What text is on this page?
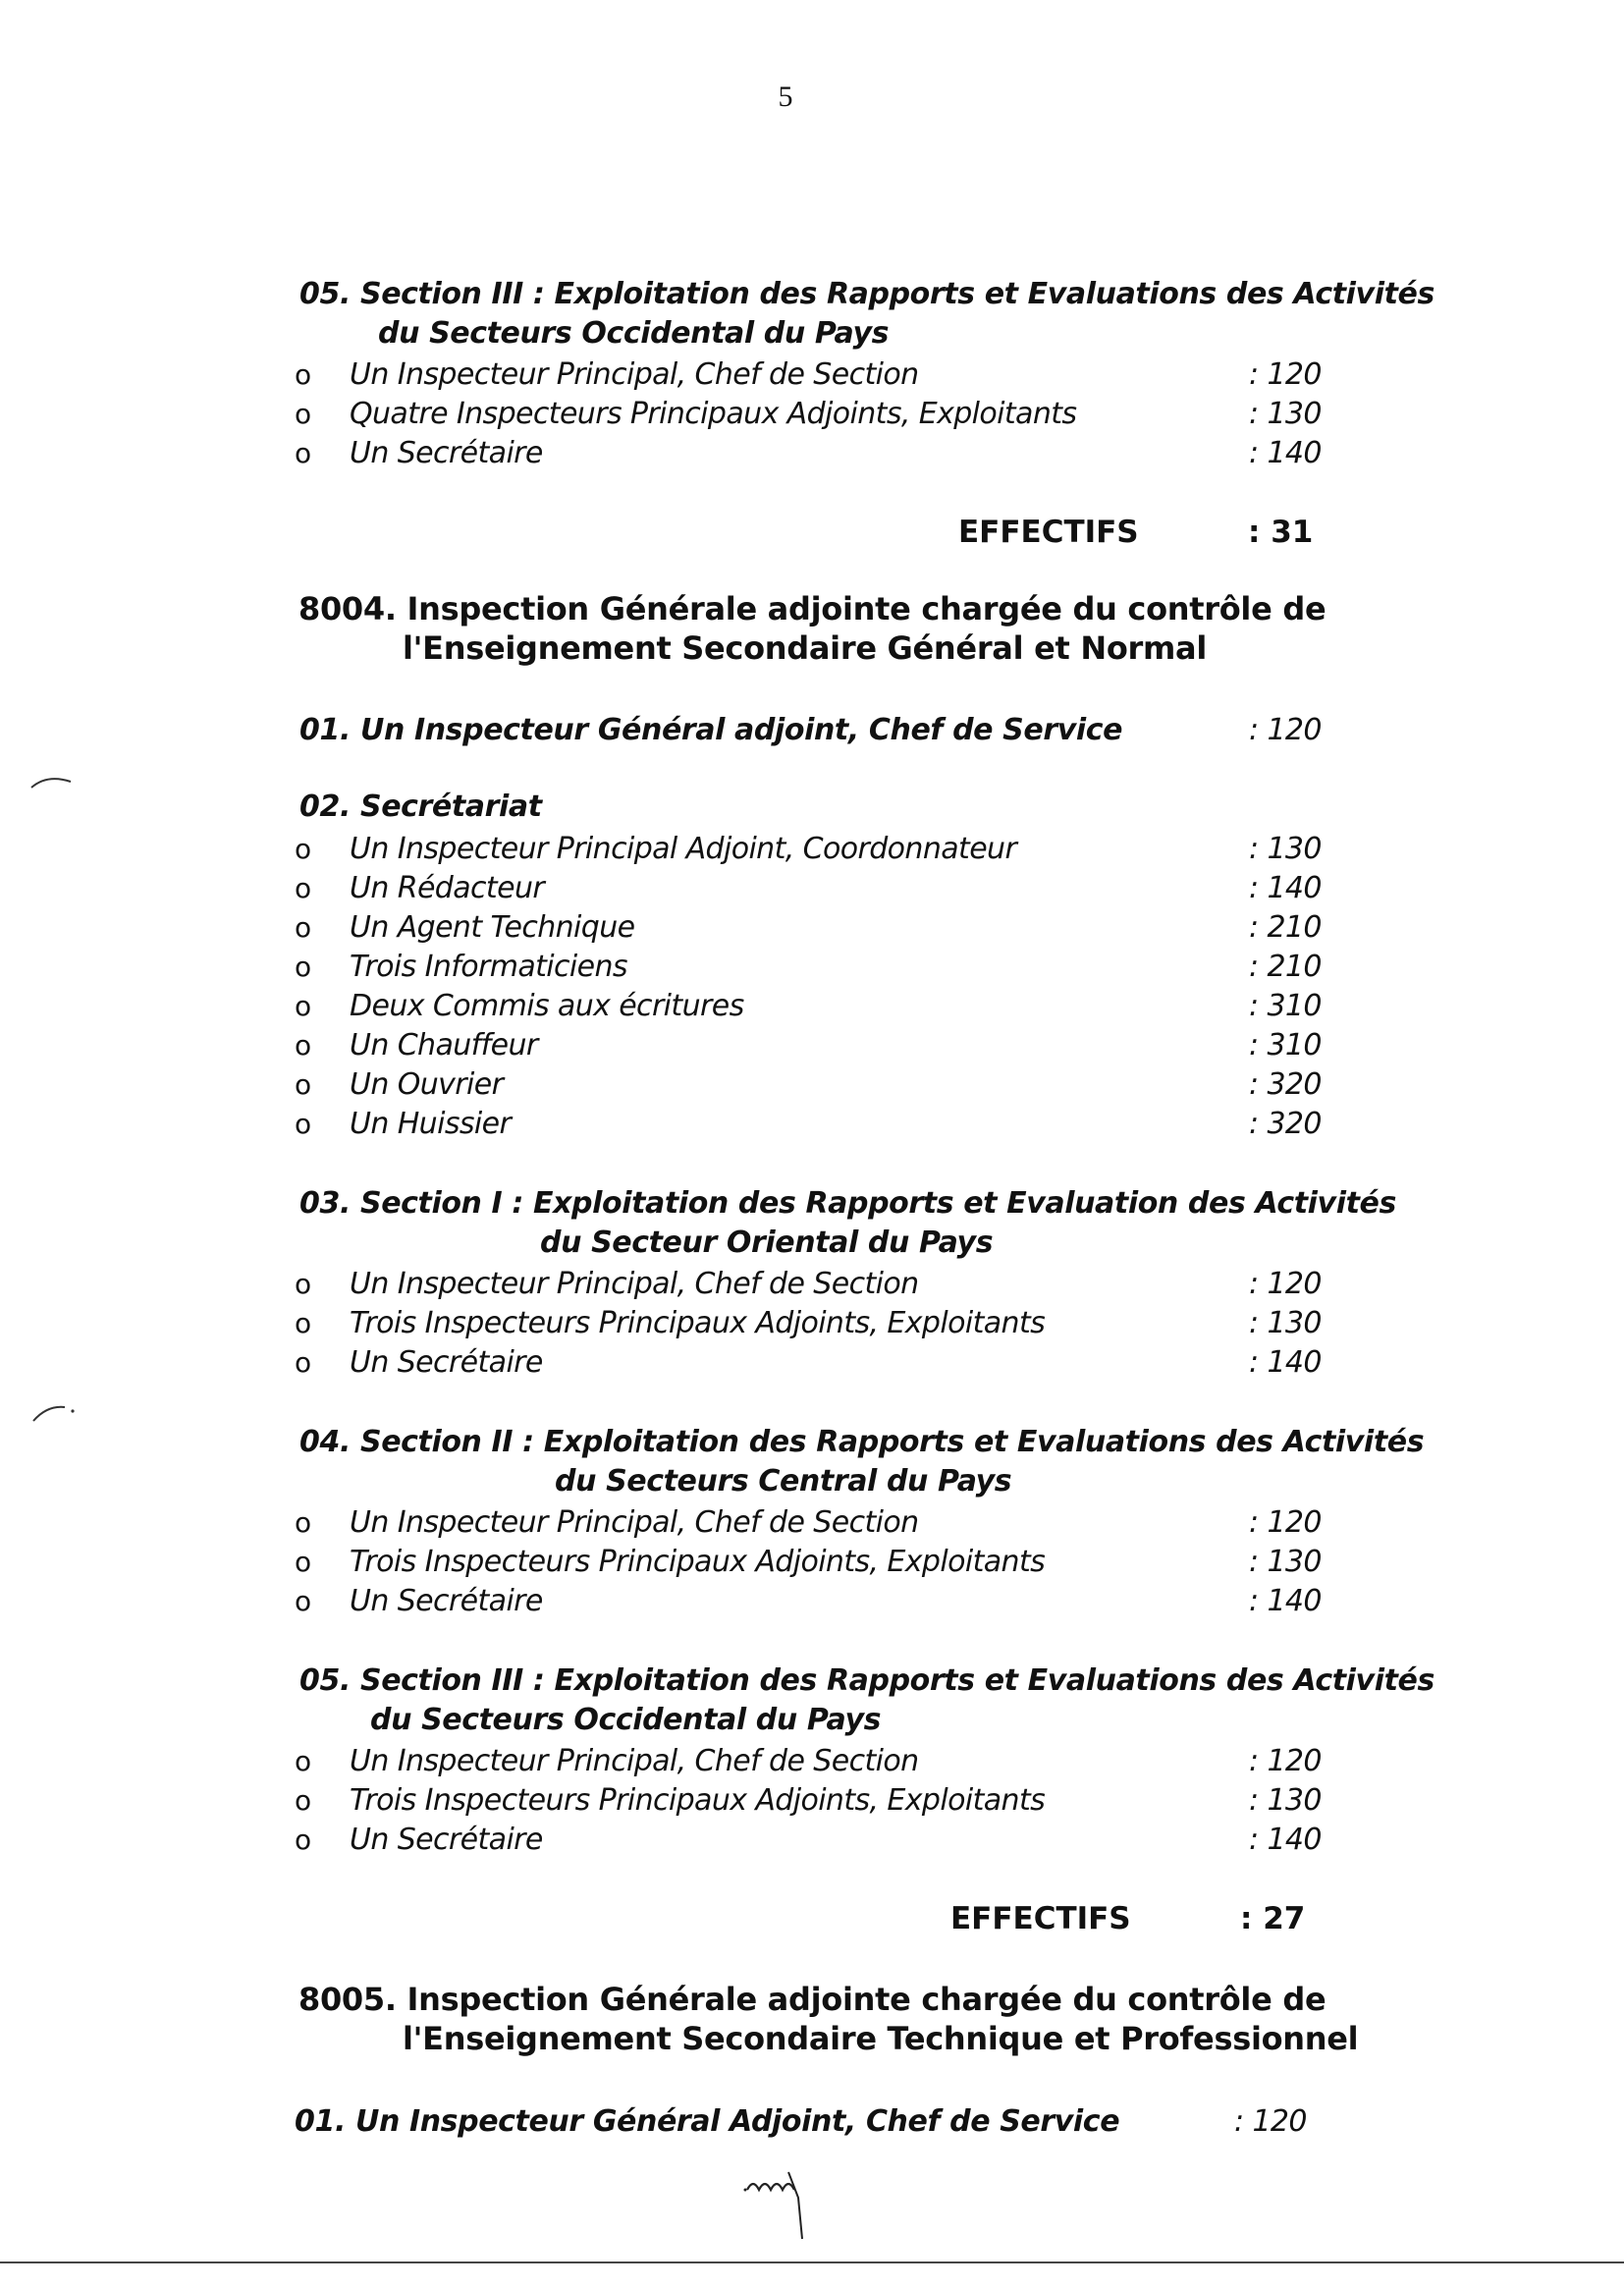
5
05. Section III : Exploitation des Rapports et Evaluations des Activités
du Secteurs Occidental du Pays
o Un Inspecteur Principal, Chef de Section	: 120
o Quatre Inspecteurs Principaux Adjoints, Exploitants	: 130
o Un Secrétaire	: 140
EFFECTIFS	: 31
8004. Inspection Générale adjointe chargée du contrôle de
l'Enseignement Secondaire Général et Normal
01. Un Inspecteur Général adjoint, Chef de Service	: 120
02. Secrétariat
o Un Inspecteur Principal Adjoint, Coordonnateur	: 130
o Un Rédacteur	: 140
o Un Agent Technique	: 210
o Trois Informaticiens	: 210
o Deux Commis aux écritures	: 310
o Un Chauffeur	: 310
o Un Ouvrier	: 320
o Un Huissier	: 320
03. Section I : Exploitation des Rapports et Evaluation des Activités
du Secteur Oriental du Pays
o Un Inspecteur Principal, Chef de Section	: 120
o Trois Inspecteurs Principaux Adjoints, Exploitants	: 130
o Un Secrétaire	: 140
04. Section II : Exploitation des Rapports et Evaluations des Activités
du Secteurs Central du Pays
o Un Inspecteur Principal, Chef de Section	: 120
o Trois Inspecteurs Principaux Adjoints, Exploitants	: 130
o Un Secrétaire	: 140
05. Section III : Exploitation des Rapports et Evaluations des Activités
du Secteurs Occidental du Pays
o Un Inspecteur Principal, Chef de Section	: 120
o Trois Inspecteurs Principaux Adjoints, Exploitants	: 130
o Un Secrétaire	: 140
EFFECTIFS	: 27
8005. Inspection Générale adjointe chargée du contrôle de
l'Enseignement Secondaire Technique et Professionnel
01. Un Inspecteur Général Adjoint, Chef de Service	: 120
